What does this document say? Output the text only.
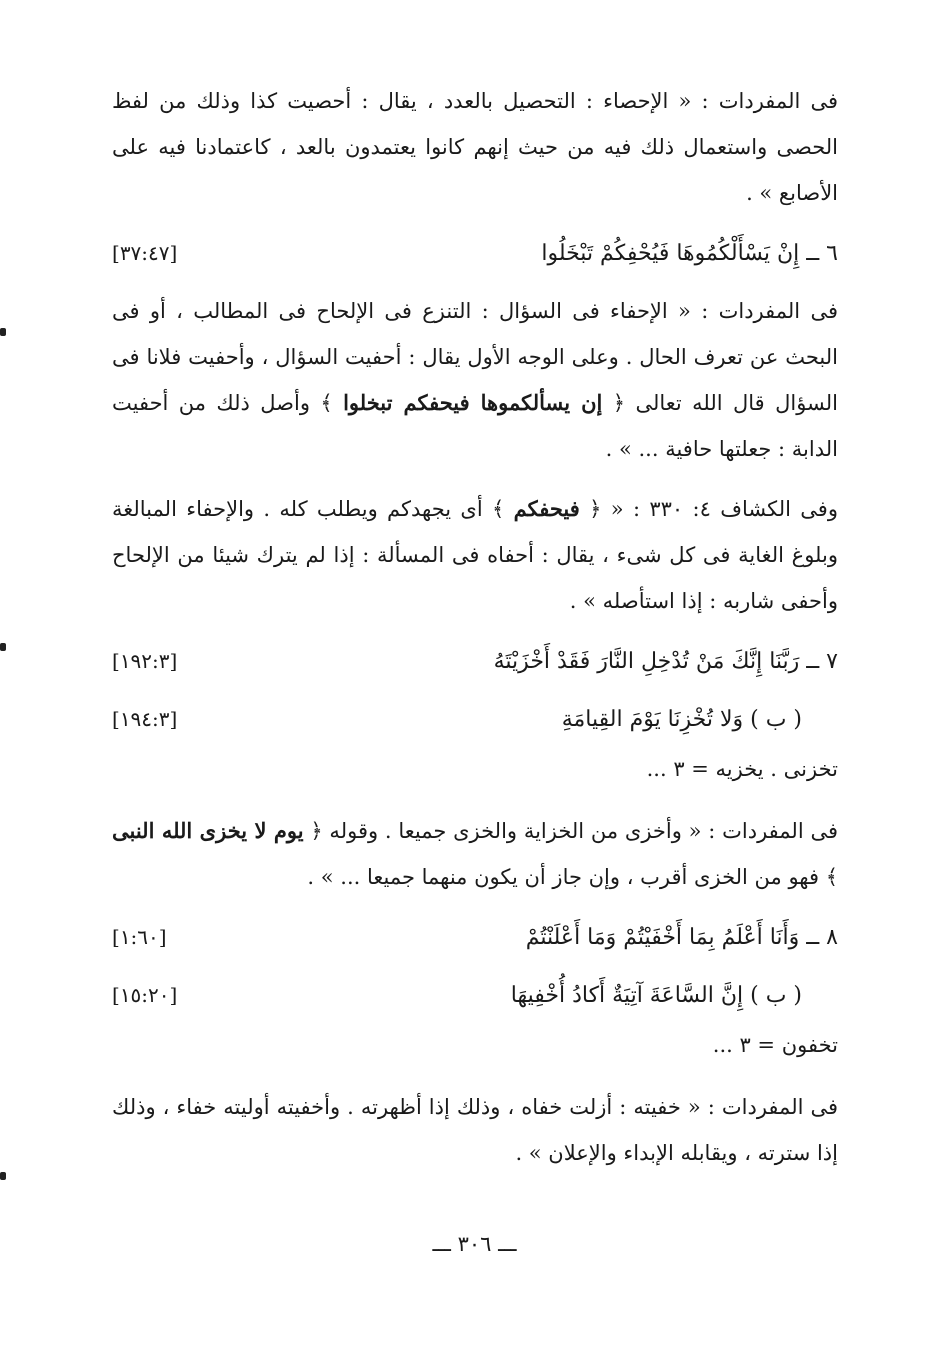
فى المفردات : « الإحصاء : التحصيل بالعدد ، يقال : أحصيت كذا وذلك من لفظ الحصى واستعمال ذلك فيه من حيث إنهم كانوا يعتمدون بالعد ، كاعتمادنا فيه على الأصابع » .

٦ ــ إِنْ يَسْأَلْكُمُوهَا فَيُحْفِكُمْ تَبْخَلُوا
[٣٧:٤٧]

فى المفردات : « الإحفاء فى السؤال : التنزع فى الإلحاح فى المطالب ، أو فى البحث عن تعرف الحال . وعلى الوجه الأول يقال : أحفيت السؤال ، وأحفيت فلانا فى السؤال قال الله تعالى ﴿ إن يسألكموها فيحفكم تبخلوا ﴾ وأصل ذلك من أحفيت الدابة : جعلتها حافية ... » .

وفى الكشاف ٤: ٣٣٠ : « ﴿ فيحفكم ﴾ أى يجهدكم ويطلب كله . والإحفاء المبالغة وبلوغ الغاية فى كل شىء ، يقال : أحفاه فى المسألة : إذا لم يترك شيئا من الإلحاح وأحفى شاربه : إذا استأصله » .

٧ ــ رَبَّنَا إِنَّكَ مَنْ تُدْخِلِ النَّارَ فَقَدْ أَخْزَيْتَهُ
[١٩٢:٣]
( ب ) وَلا تُخْزِنَا يَوْمَ القِيامَةِ
[١٩٤:٣]
تخزنى . يخزيه = ٣ ...

فى المفردات : « وأخزى من الخزاية والخزى جميعا . وقوله ﴿ يوم لا يخزى الله النبى ﴾ فهو من الخزى أقرب ، وإن جاز أن يكون منهما جميعا ... » .

٨ ــ وَأَنَا أَعْلَمُ بِمَا أَخْفَيْتُمْ وَمَا أَعْلَنْتُمْ
[١:٦٠]
( ب ) إِنَّ السَّاعَةَ آتِيَةٌ أَكادُ أُخْفِيهَا
[١٥:٢٠]
تخفون = ٣ ...

فى المفردات : « خفيته : أزلت خفاه ، وذلك إذا أظهرته . وأخفيته أوليته خفاء ، وذلك إذا سترته ، ويقابله الإبداء والإعلان » .

ـــ ٣٠٦ ـــ
